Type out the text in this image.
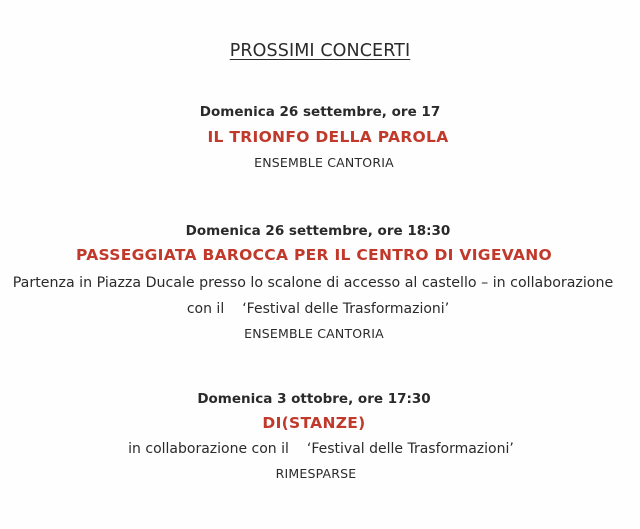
PROSSIMI CONCERTI
Domenica 26 settembre, ore 17
IL TRIONFO DELLA PAROLA
ENSEMBLE CANTORIA
Domenica 26 settembre, ore 18:30
PASSEGGIATA BAROCCA PER IL CENTRO DI VIGEVANO
Partenza in Piazza Ducale presso lo scalone di accesso al castello – in collaborazione
con il ‘Festival delle Trasformazioni’
ENSEMBLE CANTORIA
Domenica 3 ottobre, ore 17:30
DI(STANZE)
in collaborazione con il ‘Festival delle Trasformazioni’
RIMESPARSE
